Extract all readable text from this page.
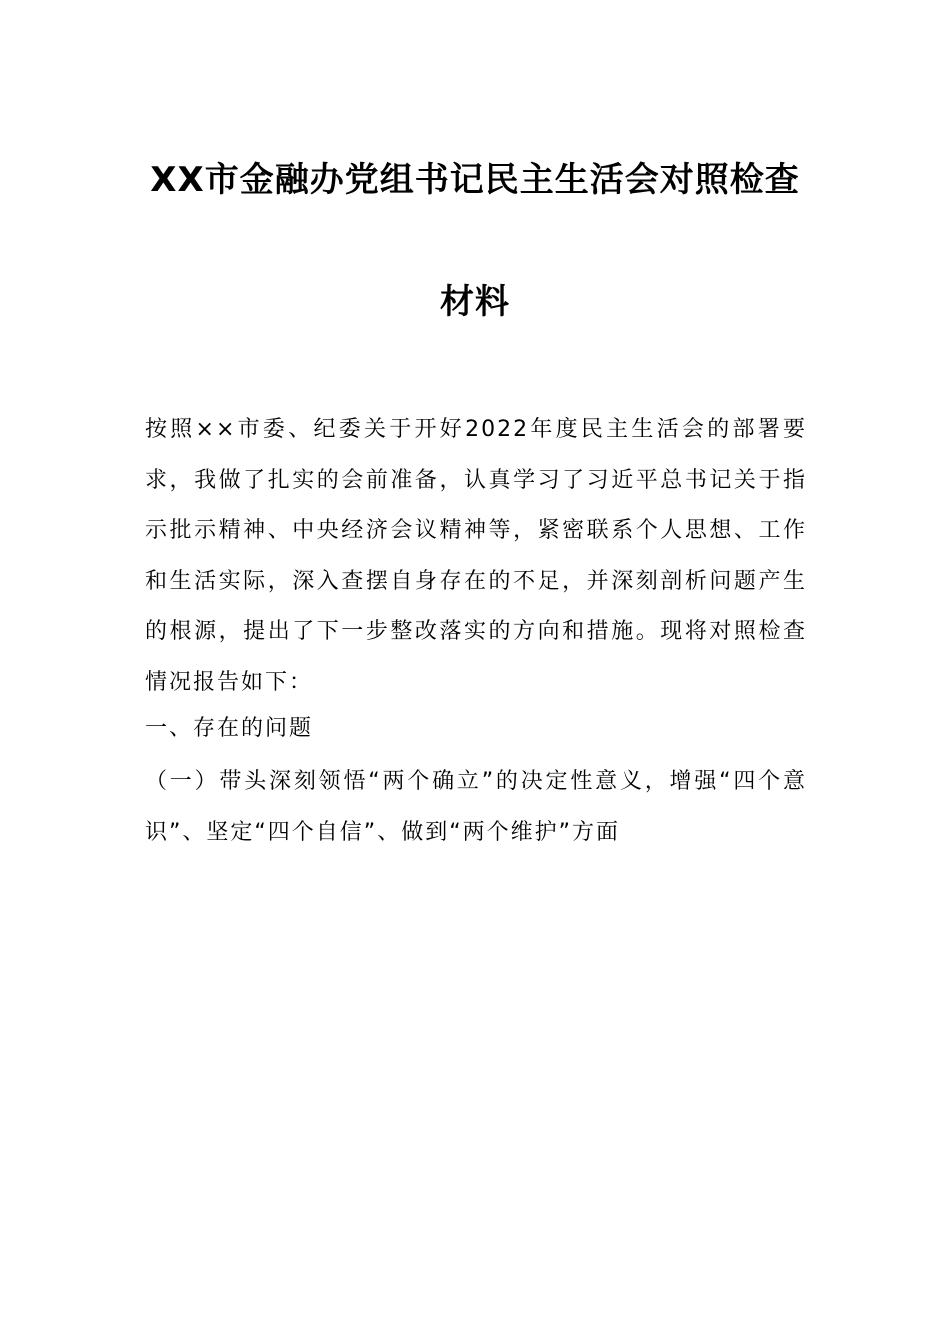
XX市金融办党组书记民主生活会对照检查
材料

按照××市委、纪委关于开好2022年度民主生活会的部署要求，我做了扎实的会前准备，认真学习了习近平总书记关于指示批示精神、中央经济会议精神等，紧密联系个人思想、工作和生活实际，深入查摆自身存在的不足，并深刻剖析问题产生的根源，提出了下一步整改落实的方向和措施。现将对照检查情况报告如下：

一、存在的问题

（一）带头深刻领悟“两个确立”的决定性意义，增强“四个意识”、坚定“四个自信”、做到“两个维护”方面
